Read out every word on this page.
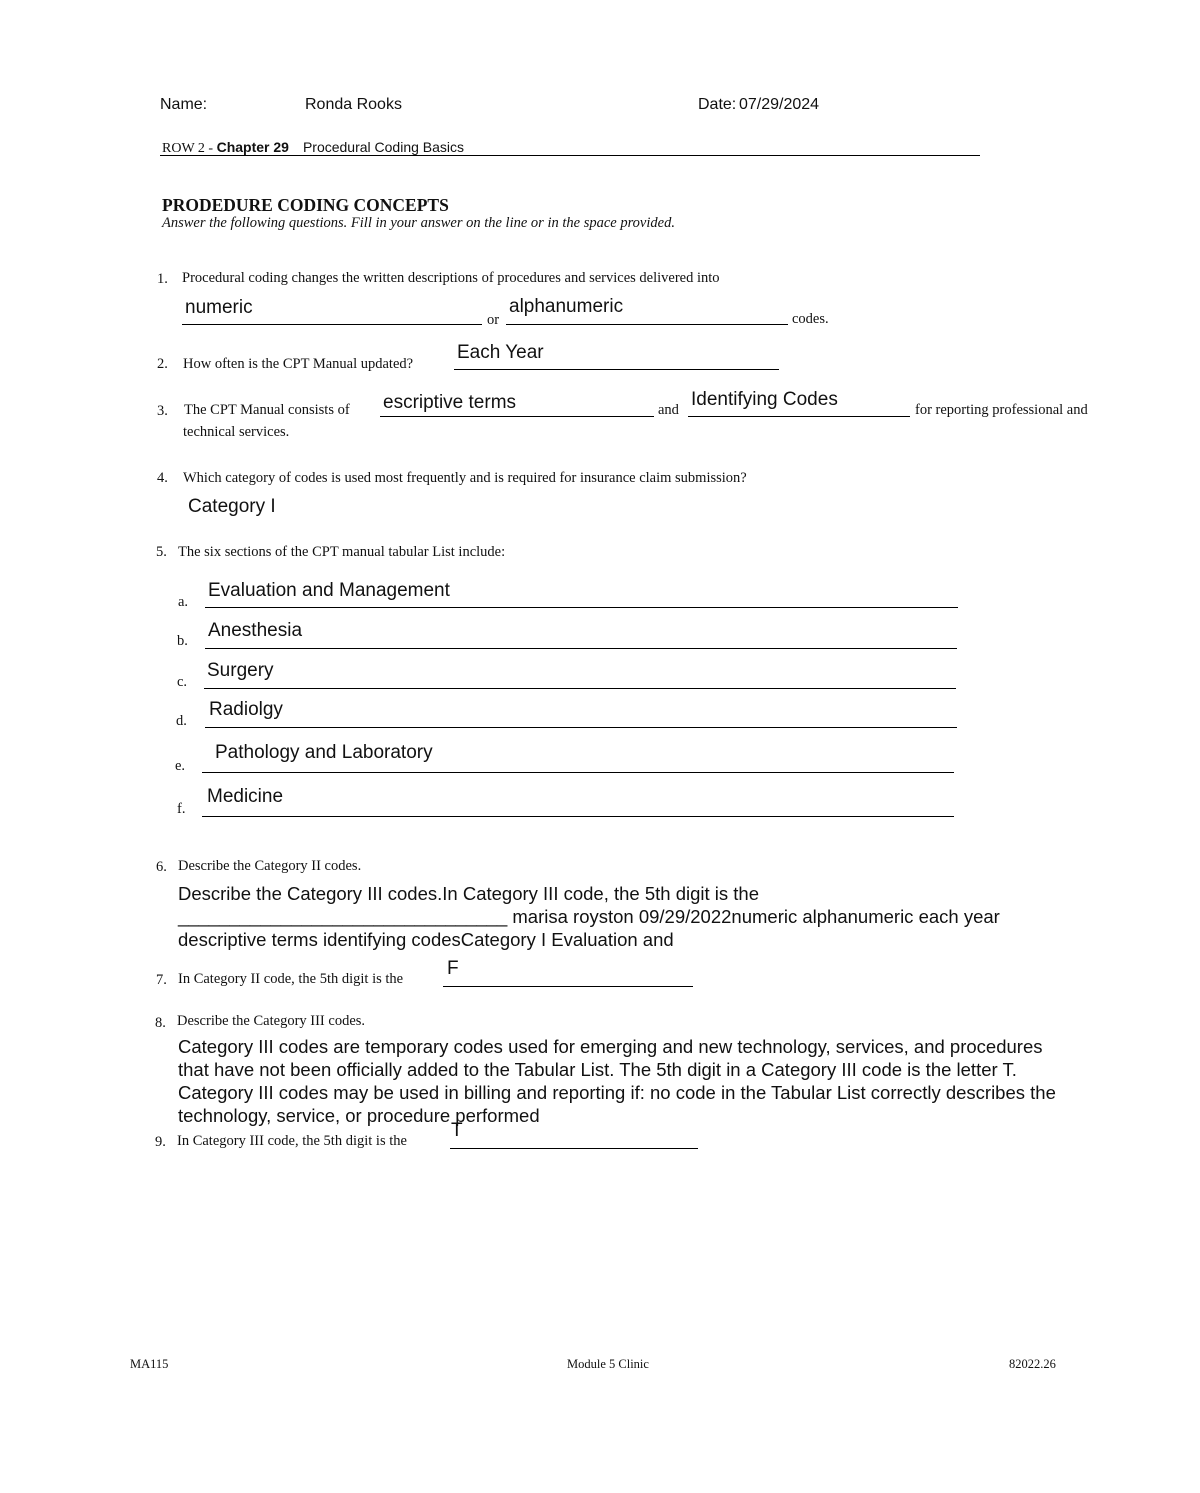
Name:	Ronda Rooks	Date: 07/29/2024
ROW 2 - Chapter 29 Procedural Coding Basics
PRODEDURE CODING CONCEPTS
Answer the following questions. Fill in your answer on the line or in the space provided.
1. Procedural coding changes the written descriptions of procedures and services delivered into
numeric
or
alphanumeric
codes.
2. How often is the CPT Manual updated?
Each Year
3. The CPT Manual consists of escriptive terms	and Identifying Codes	for reporting professional and
technical services.
4. Which category of codes is used most frequently and is required for insurance claim submission?
Category I
5. The six sections of the CPT manual tabular List include:
a.
Evaluation and Management
b. Anesthesia
c.
Surgery
d.
Radiolgy
e.
Pathology and Laboratory
f.
Medicine
6. Describe the Category II codes.
Describe the Category III codes.In Category III code, the 5th digit is the ________________________________ marisa royston 09/29/2022numeric alphanumeric each year descriptive terms identifying codesCategory I Evaluation and
7. In Category II code, the 5th digit is the F
8. Describe the Category III codes.
Category III codes are temporary codes used for emerging and new technology, services, and procedures that have not been officially added to the Tabular List. The 5th digit in a Category III code is the letter T. Category III codes may be used in billing and reporting if: no code in the Tabular List correctly describes the technology, service, or procedure performed
9. In Category III code, the 5th digit is the T
MA115	Module 5 Clinic	82022.26
